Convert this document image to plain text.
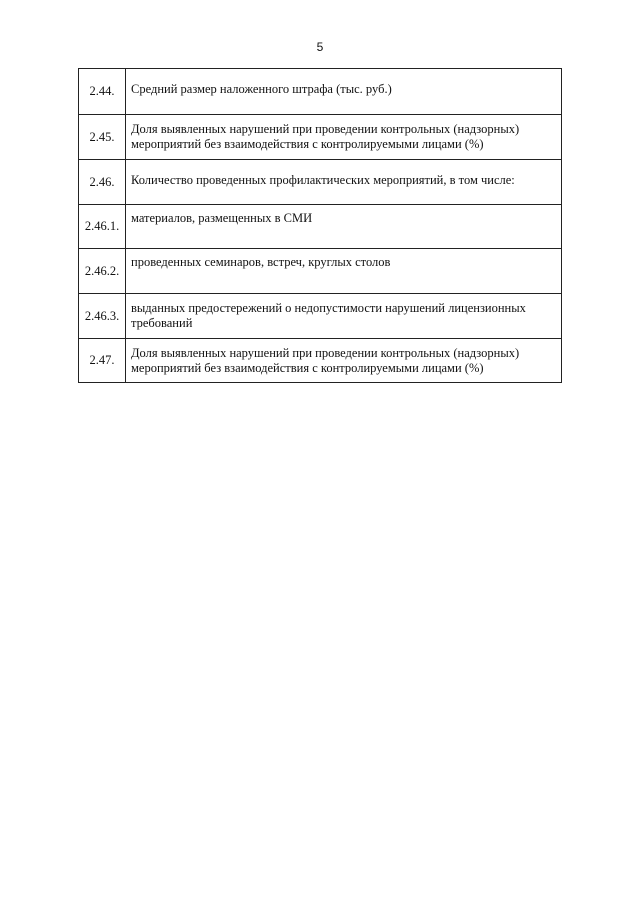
5
2.44.	Средний размер наложенного штрафа (тыс. руб.)
2.45.	Доля выявленных нарушений при проведении контрольных (надзорных) мероприятий без взаимодействия с контролируемыми лицами (%)
2.46.	Количество проведенных профилактических мероприятий, в том числе:
2.46.1.	материалов, размещенных в СМИ
2.46.2.	проведенных семинаров, встреч, круглых столов
2.46.3.	выданных предостережений о недопустимости нарушений лицензионных требований
2.47.	Доля выявленных нарушений при проведении контрольных (надзорных) мероприятий без взаимодействия с контролируемыми лицами (%)
